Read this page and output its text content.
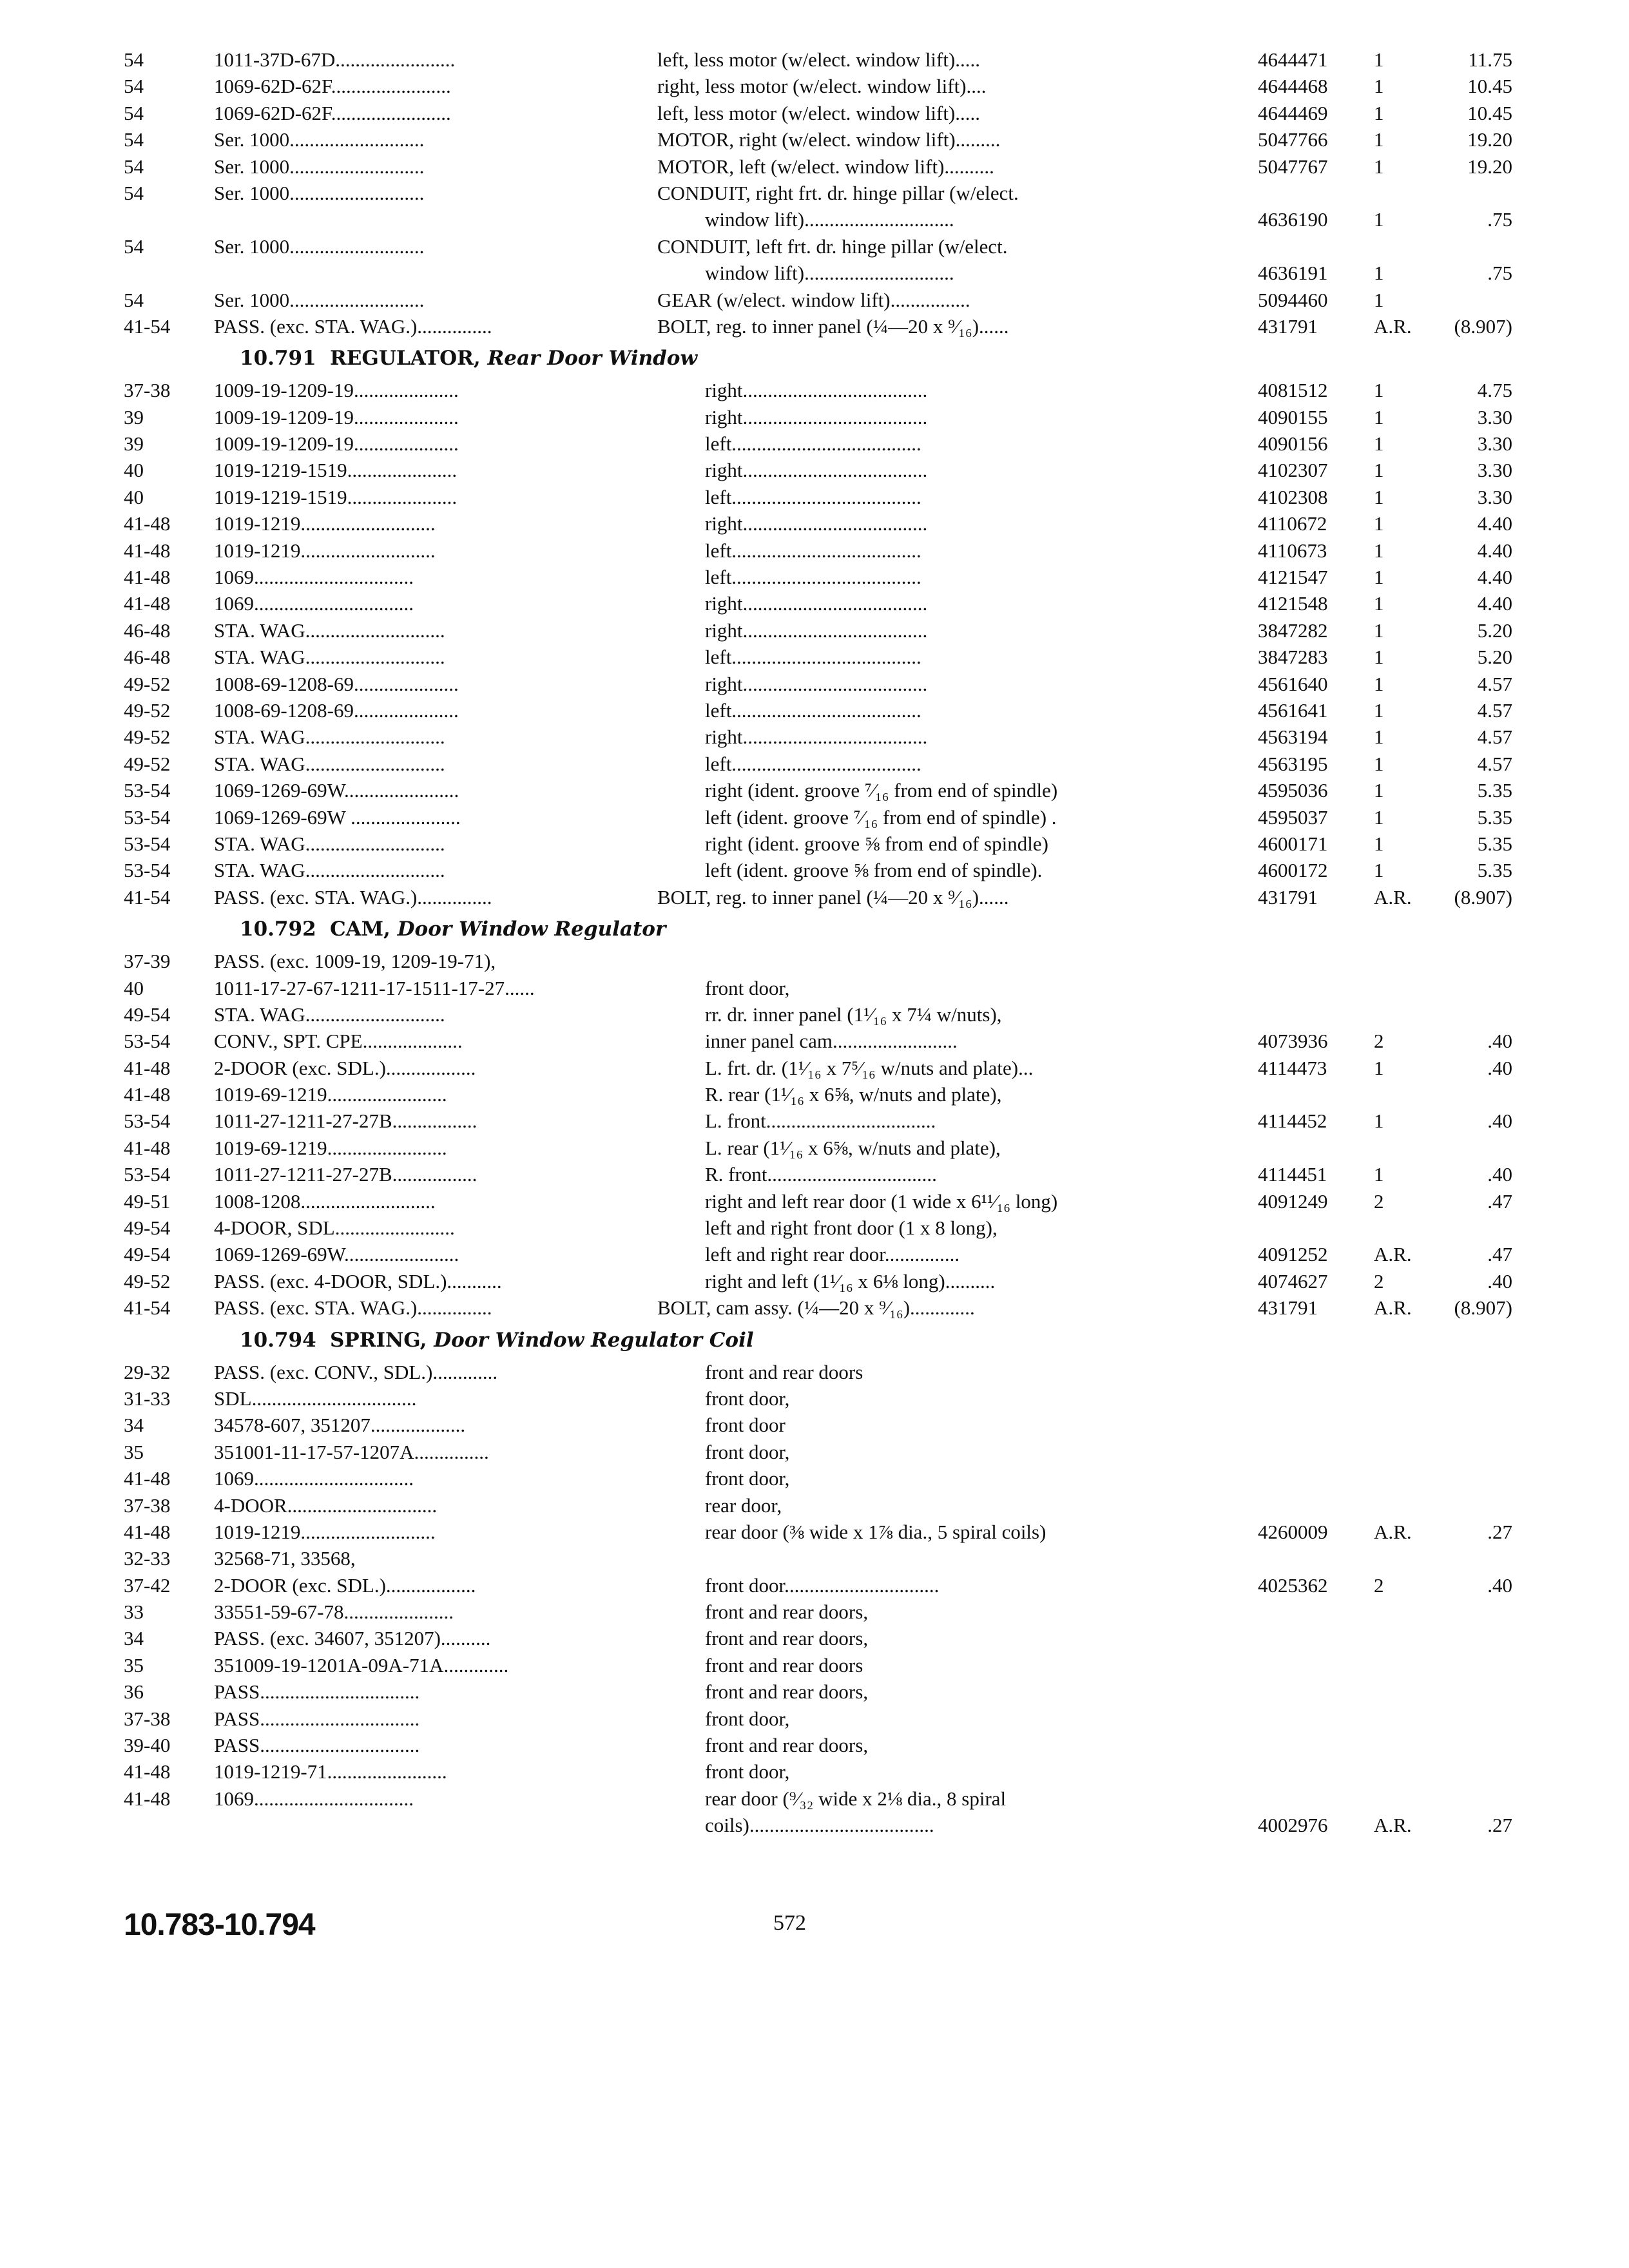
54	1011-37D-67D........................	left, less motor (w/elect. window lift).....	4644471	1	11.75
54	1069-62D-62F........................	right, less motor (w/elect. window lift)....	4644468	1	10.45
54	1069-62D-62F........................	left, less motor (w/elect. window lift).....	4644469	1	10.45
54	Ser. 1000...........................	MOTOR, right (w/elect. window lift).........	5047766	1	19.20
54	Ser. 1000...........................	MOTOR, left (w/elect. window lift)..........	5047767	1	19.20
54	Ser. 1000...........................	CONDUIT, right frt. dr. hinge pillar (w/elect.
window lift)..............................	4636190	1	.75
54	Ser. 1000...........................	CONDUIT, left frt. dr. hinge pillar (w/elect.
window lift)..............................	4636191	1	.75
54	Ser. 1000...........................	GEAR (w/elect. window lift)................	5094460	1
41-54	PASS. (exc. STA. WAG.)...............	BOLT, reg. to inner panel (¼—20 x ⁹⁄₁₆)......	431791	A.R.	(8.907)
10.791 REGULATOR, Rear Door Window
37-38	1009-19-1209-19.....................	right.....................................	4081512	1	4.75
39	1009-19-1209-19.....................	right.....................................	4090155	1	3.30
39	1009-19-1209-19.....................	left......................................	4090156	1	3.30
40	1019-1219-1519......................	right.....................................	4102307	1	3.30
40	1019-1219-1519......................	left......................................	4102308	1	3.30
41-48	1019-1219...........................	right.....................................	4110672	1	4.40
41-48	1019-1219...........................	left......................................	4110673	1	4.40
41-48	1069................................	left......................................	4121547	1	4.40
41-48	1069................................	right.....................................	4121548	1	4.40
46-48	STA. WAG............................	right.....................................	3847282	1	5.20
46-48	STA. WAG............................	left......................................	3847283	1	5.20
49-52	1008-69-1208-69.....................	right.....................................	4561640	1	4.57
49-52	1008-69-1208-69.....................	left......................................	4561641	1	4.57
49-52	STA. WAG............................	right.....................................	4563194	1	4.57
49-52	STA. WAG............................	left......................................	4563195	1	4.57
53-54	1069-1269-69W.......................	right (ident. groove ⁷⁄₁₆ from end of spindle)	4595036	1	5.35
53-54	1069-1269-69W ......................	left (ident. groove ⁷⁄₁₆ from end of spindle) .	4595037	1	5.35
53-54	STA. WAG............................	right (ident. groove ⅝ from end of spindle)	4600171	1	5.35
53-54	STA. WAG............................	left (ident. groove ⅝ from end of spindle).	4600172	1	5.35
41-54	PASS. (exc. STA. WAG.)...............	BOLT, reg. to inner panel (¼—20 x ⁹⁄₁₆)......	431791	A.R.	(8.907)
10.792 CAM, Door Window Regulator
37-39	PASS. (exc. 1009-19, 1209-19-71),
40	1011-17-27-67-1211-17-1511-17-27......	front door,
49-54	STA. WAG............................	rr. dr. inner panel (1¹⁄₁₆ x 7¼ w/nuts),
53-54	CONV., SPT. CPE....................	inner panel cam.........................	4073936	2	.40
41-48	2-DOOR (exc. SDL.)..................	L. frt. dr. (1¹⁄₁₆ x 7⁵⁄₁₆ w/nuts and plate)...	4114473	1	.40
41-48	1019-69-1219........................	R. rear (1¹⁄₁₆ x 6⅝, w/nuts and plate),
53-54	1011-27-1211-27-27B.................	L. front..................................	4114452	1	.40
41-48	1019-69-1219........................	L. rear (1¹⁄₁₆ x 6⅝, w/nuts and plate),
53-54	1011-27-1211-27-27B.................	R. front..................................	4114451	1	.40
49-51	1008-1208...........................	right and left rear door (1 wide x 6¹¹⁄₁₆ long)	4091249	2	.47
49-54	4-DOOR, SDL........................	left and right front door (1 x 8 long),
49-54	1069-1269-69W.......................	left and right rear door...............	4091252	A.R.	.47
49-52	PASS. (exc. 4-DOOR, SDL.)...........	right and left (1¹⁄₁₆ x 6⅛ long)..........	4074627	2	.40
41-54	PASS. (exc. STA. WAG.)...............	BOLT, cam assy. (¼—20 x ⁹⁄₁₆).............	431791	A.R.	(8.907)
10.794 SPRING, Door Window Regulator Coil
29-32	PASS. (exc. CONV., SDL.).............	front and rear doors
31-33	SDL.................................	front door,
34	34578-607, 351207...................	front door
35	351001-11-17-57-1207A...............	front door,
41-48	1069................................	front door,
37-38	4-DOOR..............................	rear door,
41-48	1019-1219...........................	rear door (⅜ wide x 1⅞ dia., 5 spiral coils)	4260009	A.R.	.27
32-33	32568-71, 33568,
37-42	2-DOOR (exc. SDL.)..................	front door...............................	4025362	2	.40
33	33551-59-67-78......................	front and rear doors,
34	PASS. (exc. 34607, 351207)..........	front and rear doors,
35	351009-19-1201A-09A-71A.............	front and rear doors
36	PASS................................	front and rear doors,
37-38	PASS................................	front door,
39-40	PASS................................	front and rear doors,
41-48	1019-1219-71........................	front door,
41-48	1069................................	rear door (⁹⁄₃₂ wide x 2⅛ dia., 8 spiral
coils).....................................	4002976	A.R.	.27
10.783-10.794	572
